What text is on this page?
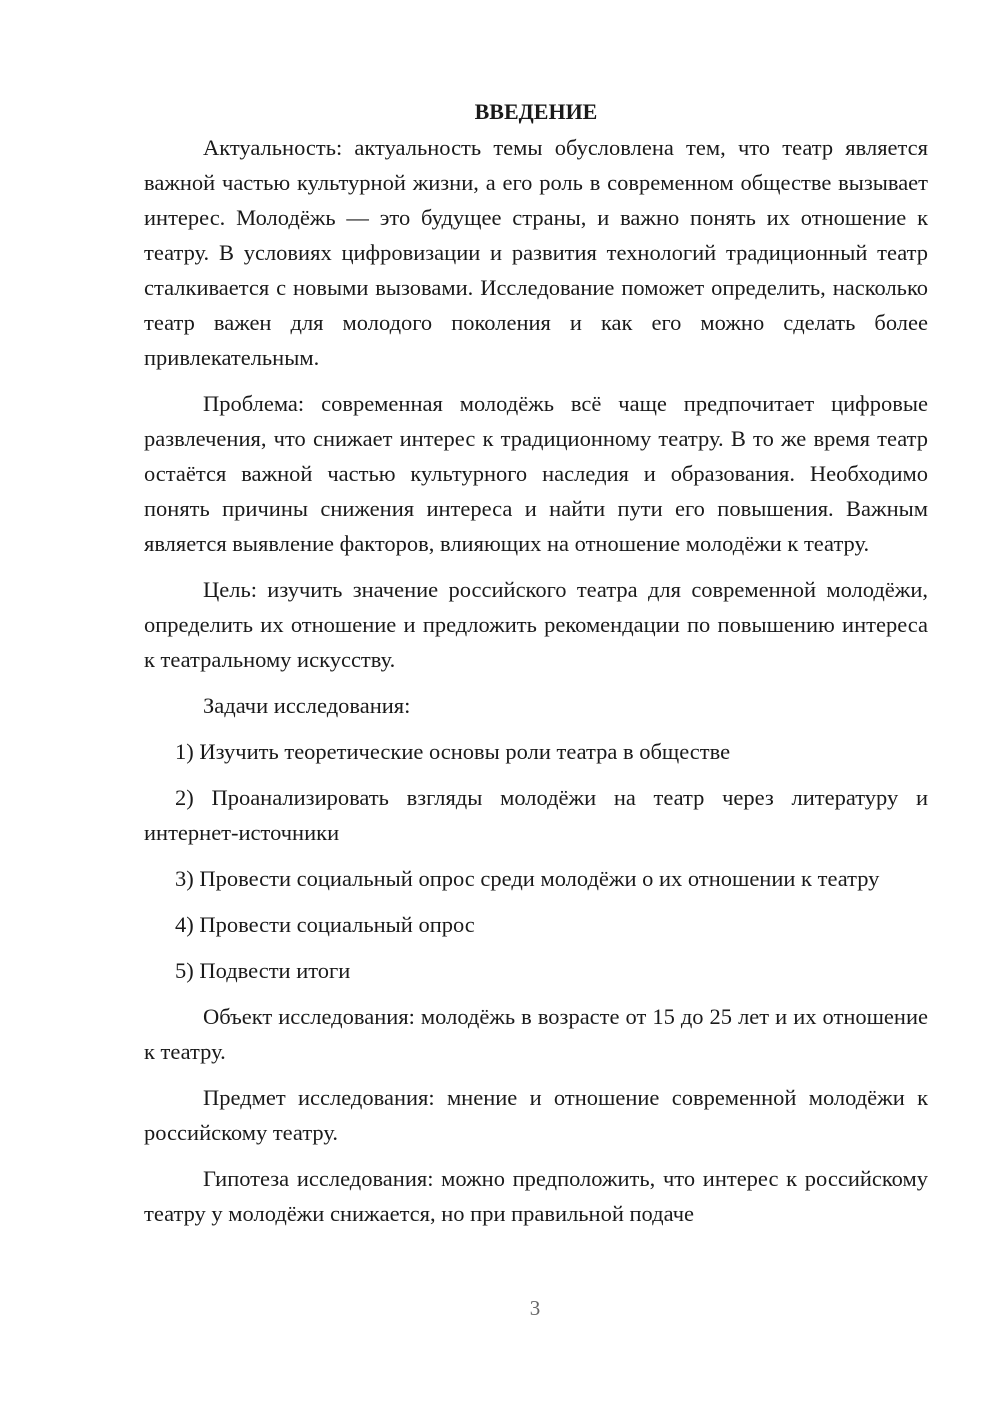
ВВЕДЕНИЕ

Актуальность: актуальность темы обусловлена тем, что театр является важной частью культурной жизни, а его роль в современном обществе вызывает интерес. Молодёжь — это будущее страны, и важно понять их отношение к театру. В условиях цифровизации и развития технологий традиционный театр сталкивается с новыми вызовами. Исследование поможет определить, насколько театр важен для молодого поколения и как его можно сделать более привлекательным.

Проблема: современная молодёжь всё чаще предпочитает цифровые развлечения, что снижает интерес к традиционному театру. В то же время театр остаётся важной частью культурного наследия и образования. Необходимо понять причины снижения интереса и найти пути его повышения. Важным является выявление факторов, влияющих на отношение молодёжи к театру.

Цель: изучить значение российского театра для современной молодёжи, определить их отношение и предложить рекомендации по повышению интереса к театральному искусству.

Задачи исследования:

1) Изучить теоретические основы роли театра в обществе

2) Проанализировать взгляды молодёжи на театр через литературу и интернет-источники

3) Провести социальный опрос среди молодёжи о их отношении к театру

4) Провести социальный опрос

5) Подвести итоги

Объект исследования: молодёжь в возрасте от 15 до 25 лет и их отношение к театру.

Предмет исследования: мнение и отношение современной молодёжи к российскому театру.

Гипотеза исследования: можно предположить, что интерес к российскому театру у молодёжи снижается, но при правильной подаче

3
